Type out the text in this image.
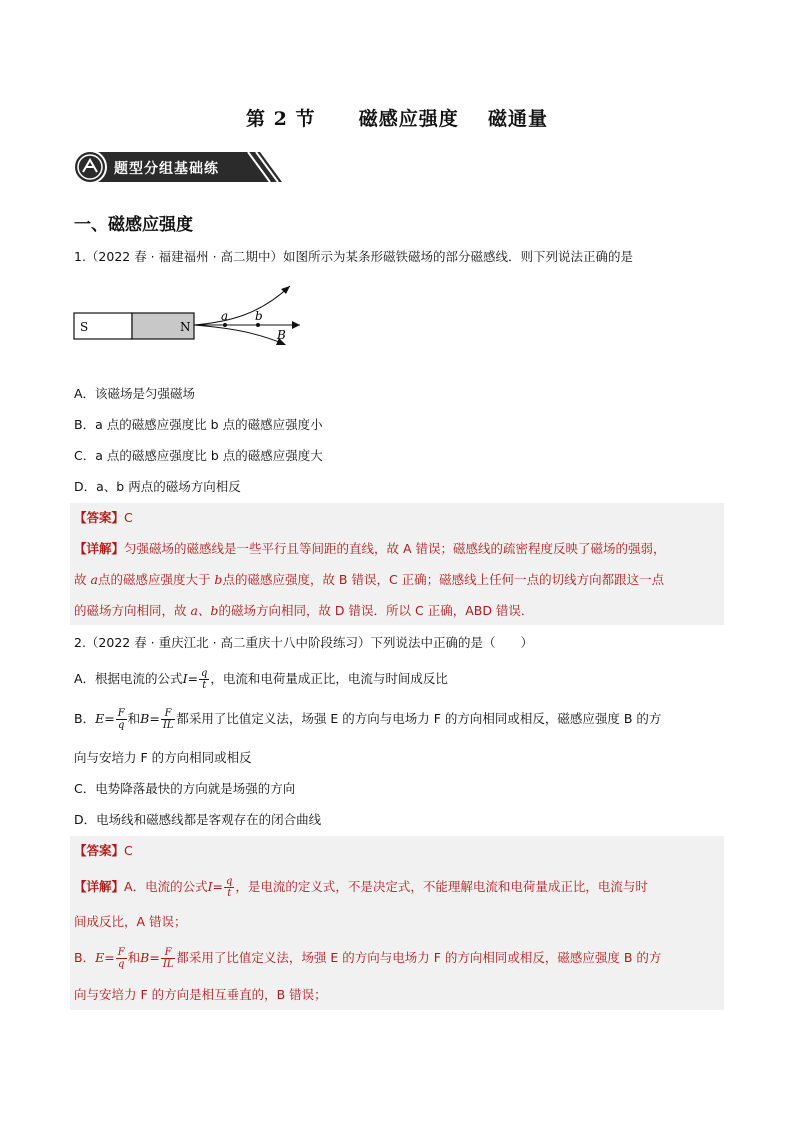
第 2 节 磁感应强度 磁通量
题型分组基础练
一、磁感应强度
1.（2022 春 · 福建福州 · 高二期中）如图所示为某条形磁铁磁场的部分磁感线．则下列说法正确的是
S	N
a b
B
A．该磁场是匀强磁场
B．a 点的磁感应强度比 b 点的磁感应强度小
C．a 点的磁感应强度比 b 点的磁感应强度大
D．a、b 两点的磁场方向相反
【答案】C
【详解】匀强磁场的磁感线是一些平行且等间距的直线，故 A 错误；磁感线的疏密程度反映了磁场的强弱，
故 a点的磁感应强度大于 b点的磁感应强度，故 B 错误，C 正确；磁感线上任何一点的切线方向都跟这一点
的磁场方向相同，故 a、b的磁场方向相同，故 D 错误．所以 C 正确，ABD 错误．
2.（2022 春 · 重庆江北 · 高二重庆十八中阶段练习）下列说法中正确的是（　　）
A．根据电流的公式$I= \frac{q}{t}$ ，电流和电荷量成正比，电流与时间成反比
B．$E= \frac{F}{q}$ 和$B= \frac{F}{IL}$ 都采用了比值定义法，场强 E 的方向与电场力 F 的方向相同或相反，磁感应强度 B 的方
向与安培力 F 的方向相同或相反
C．电势降落最快的方向就是场强的方向
D．电场线和磁感线都是客观存在的闭合曲线
【答案】C
【详解】A．电流的公式$I= \frac{q}{t}$ ，是电流的定义式，不是决定式，不能理解电流和电荷量成正比，电流与时
间成反比，A 错误；
B．$E= \frac{F}{q}$ 和$B= \frac{F}{IL}$ 都采用了比值定义法，场强 E 的方向与电场力 F 的方向相同或相反，磁感应强度 B 的方
向与安培力 F 的方向是相互垂直的，B 错误；
